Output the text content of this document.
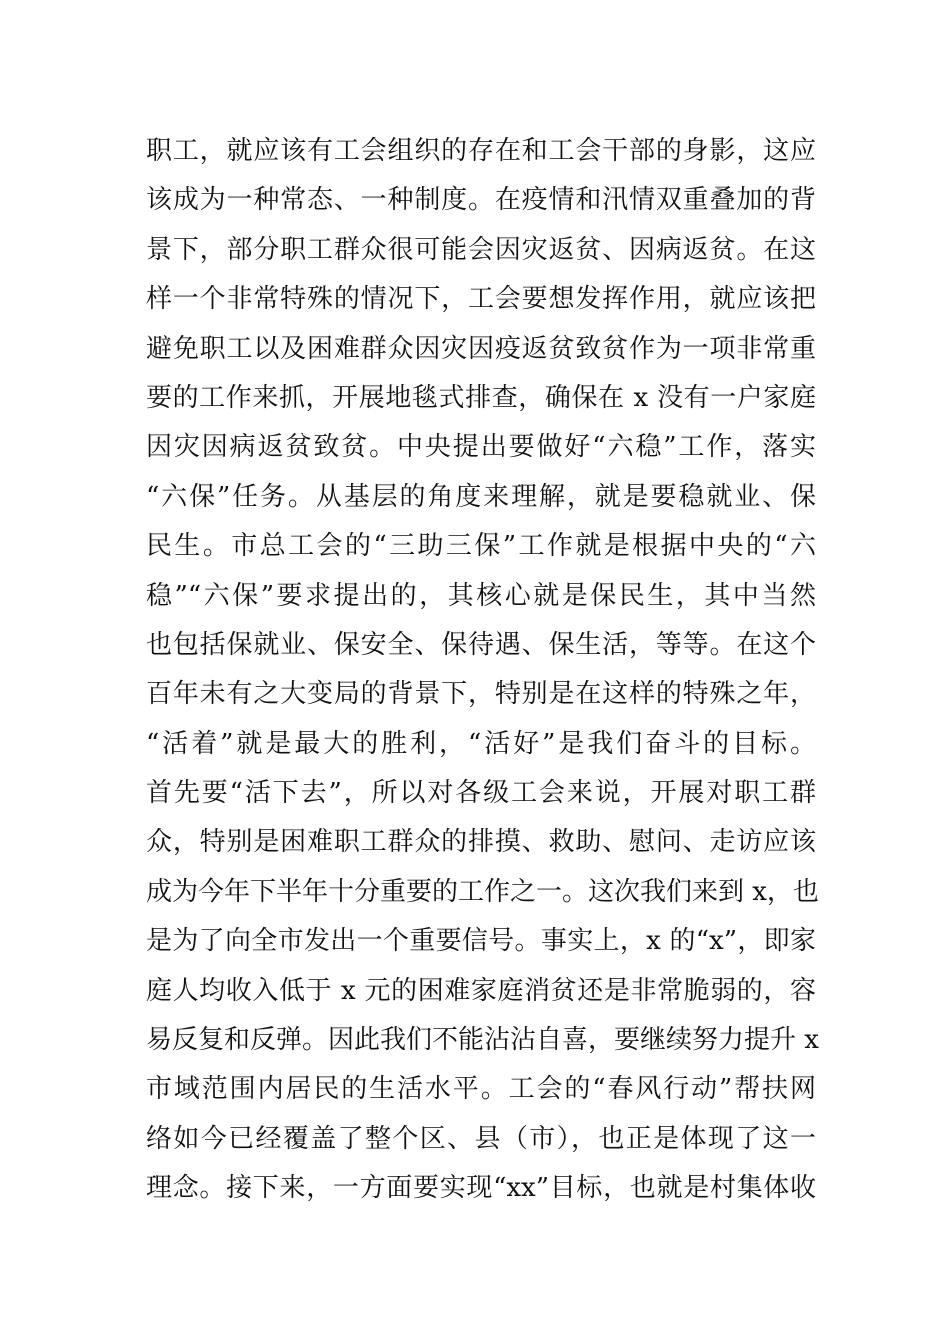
职工，就应该有工会组织的存在和工会干部的身影，这应
该成为一种常态、一种制度。在疫情和汛情双重叠加的背
景下，部分职工群众很可能会因灾返贫、因病返贫。在这
样一个非常特殊的情况下，工会要想发挥作用，就应该把
避免职工以及困难群众因灾因疫返贫致贫作为一项非常重
要的工作来抓，开展地毯式排查，确保在 x 没有一户家庭
因灾因病返贫致贫。中央提出要做好“六稳”工作，落实
“六保”任务。从基层的角度来理解，就是要稳就业、保
民生。市总工会的“三助三保”工作就是根据中央的“六
稳”“六保”要求提出的，其核心就是保民生，其中当然
也包括保就业、保安全、保待遇、保生活，等等。在这个
百年未有之大变局的背景下，特别是在这样的特殊之年，
“活着”就是最大的胜利，“活好”是我们奋斗的目标。
首先要“活下去”，所以对各级工会来说，开展对职工群
众，特别是困难职工群众的排摸、救助、慰问、走访应该
成为今年下半年十分重要的工作之一。这次我们来到 x，也
是为了向全市发出一个重要信号。事实上，x 的“x”，即家
庭人均收入低于 x 元的困难家庭消贫还是非常脆弱的，容
易反复和反弹。因此我们不能沾沾自喜，要继续努力提升 x
市域范围内居民的生活水平。工会的“春风行动”帮扶网
络如今已经覆盖了整个区、县（市），也正是体现了这一
理念。接下来，一方面要实现“xx”目标，也就是村集体收
